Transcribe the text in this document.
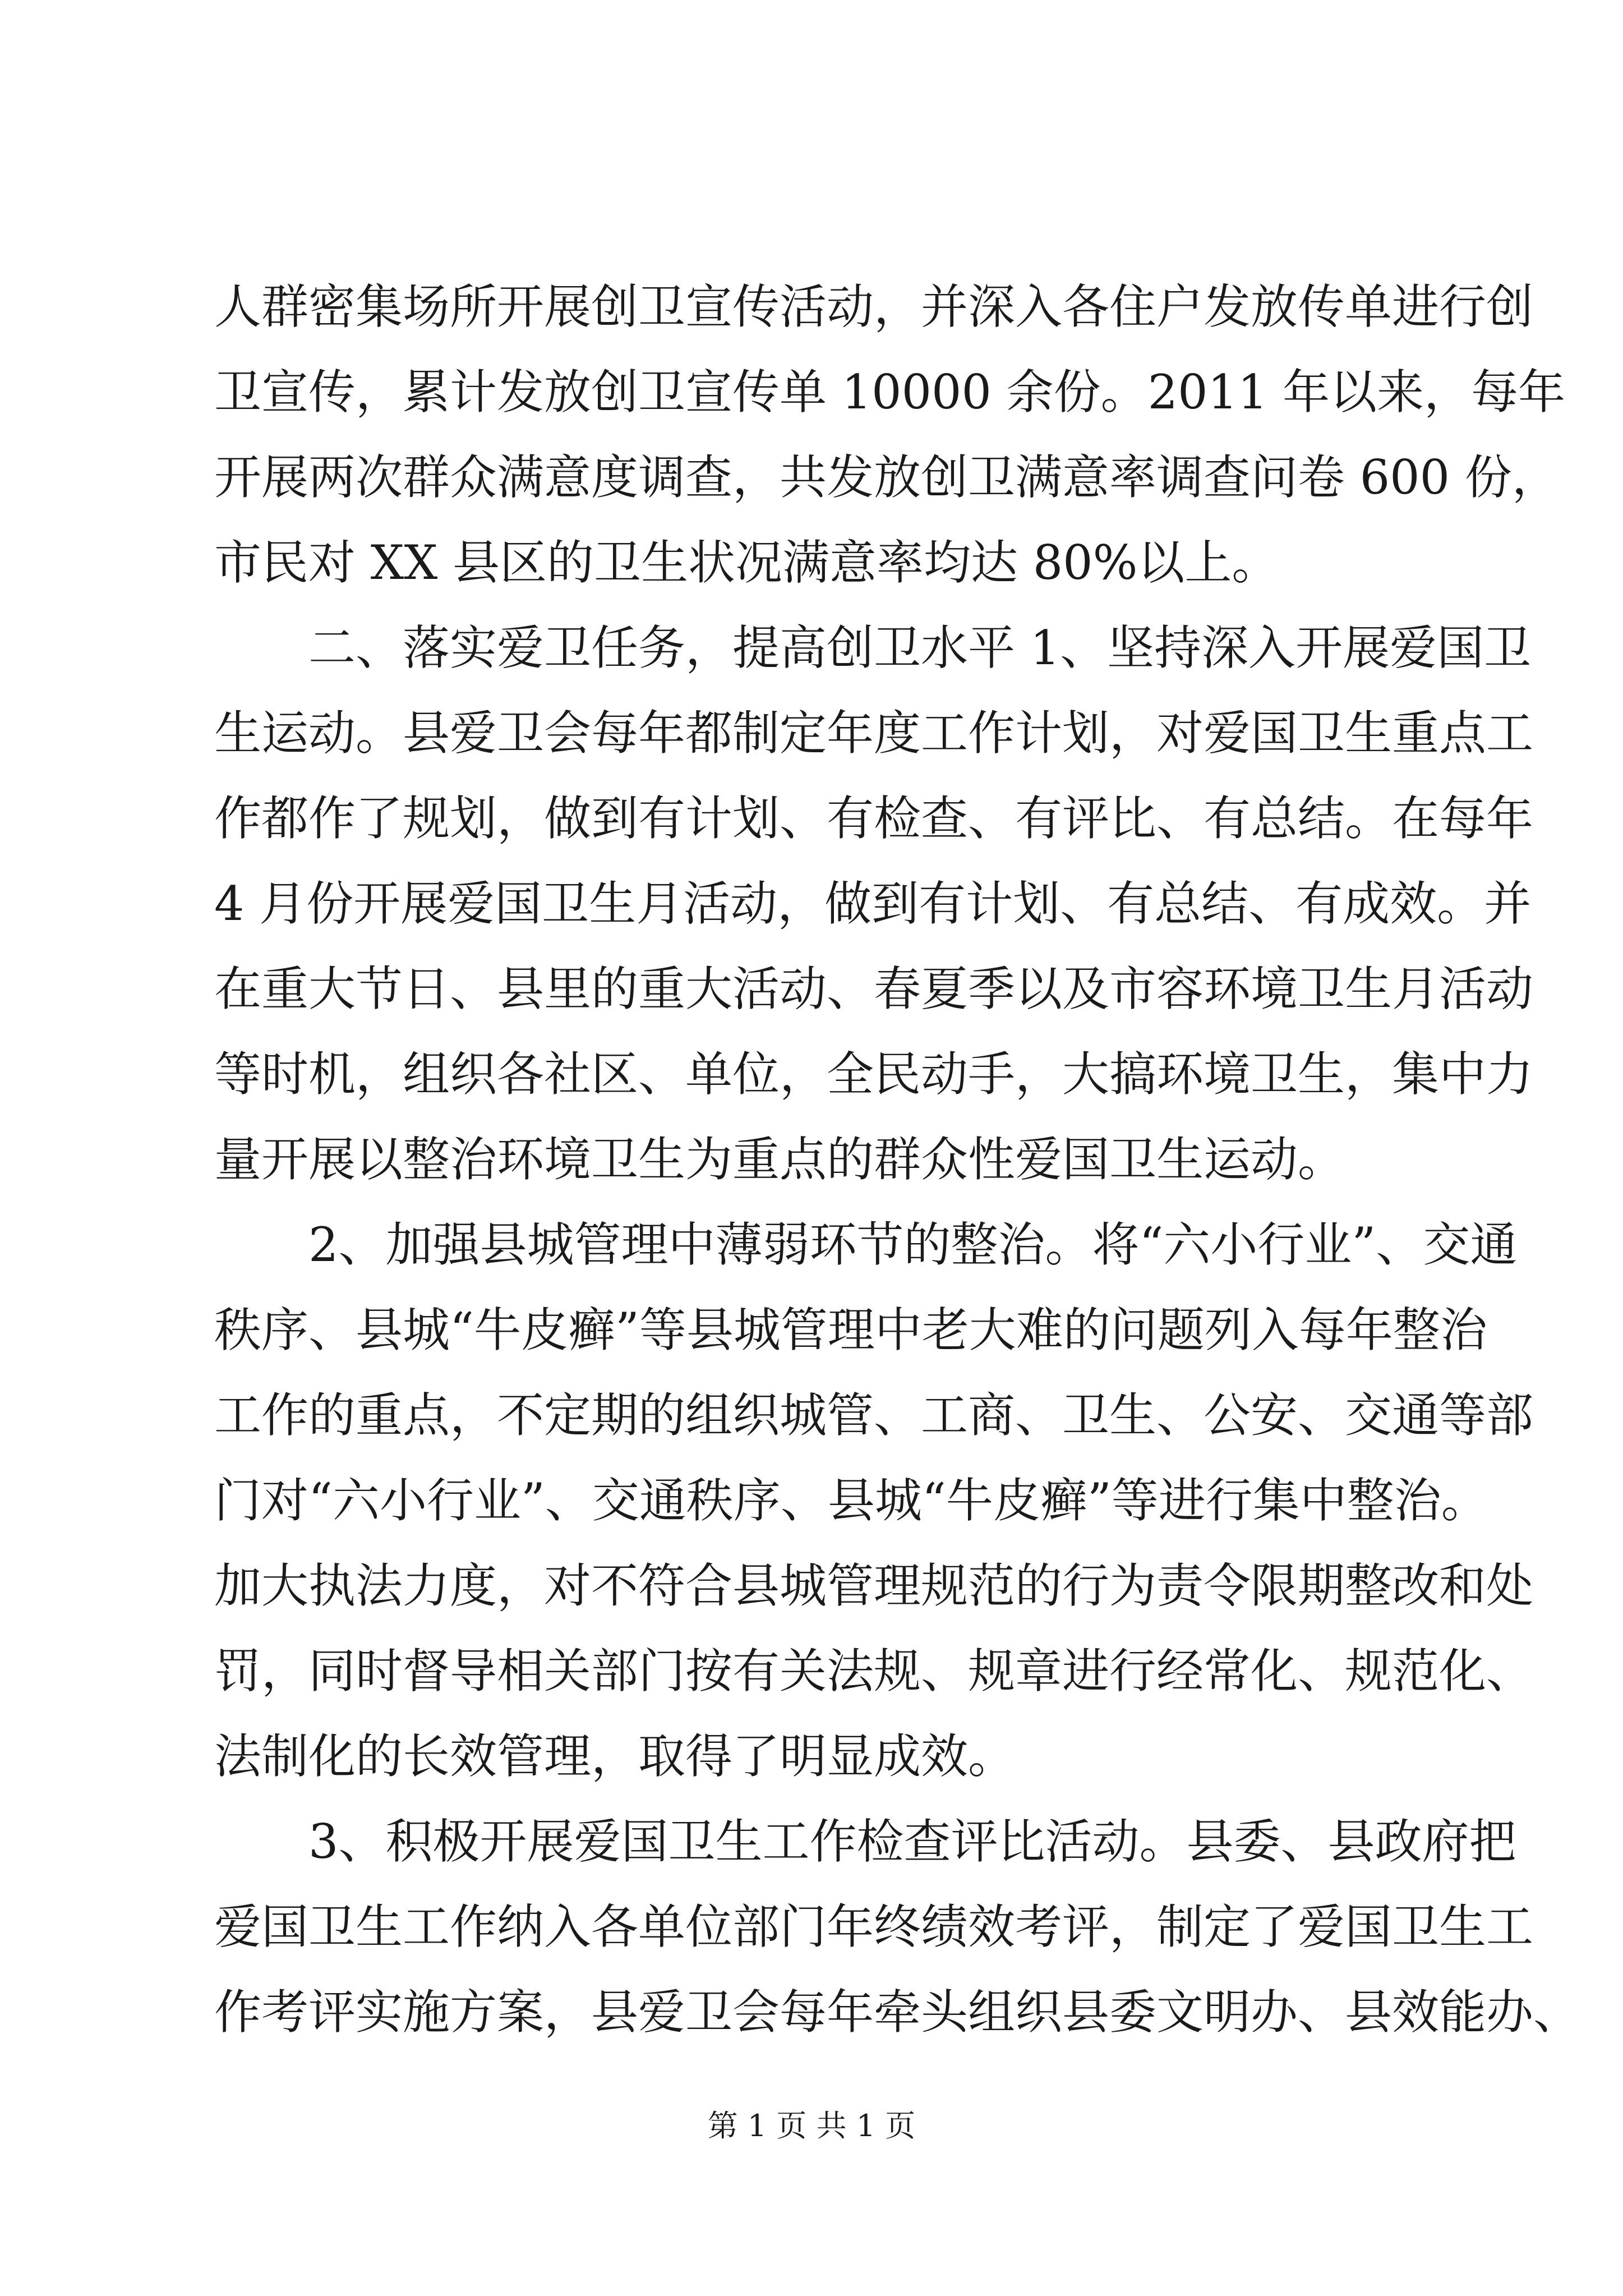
人群密集场所开展创卫宣传活动，并深入各住户发放传单进行创
卫宣传，累计发放创卫宣传单 10000 余份。2011 年以来，每年
开展两次群众满意度调查，共发放创卫满意率调查问卷 600 份，
市民对 XX 县区的卫生状况满意率均达 80%以上。
二、落实爱卫任务，提高创卫水平 1、坚持深入开展爱国卫
生运动。县爱卫会每年都制定年度工作计划，对爱国卫生重点工
作都作了规划，做到有计划、有检查、有评比、有总结。在每年
4 月份开展爱国卫生月活动，做到有计划、有总结、有成效。并
在重大节日、县里的重大活动、春夏季以及市容环境卫生月活动
等时机，组织各社区、单位，全民动手，大搞环境卫生，集中力
量开展以整治环境卫生为重点的群众性爱国卫生运动。
2、加强县城管理中薄弱环节的整治。将“六小行业”、交通
秩序、县城“牛皮癣”等县城管理中老大难的问题列入每年整治
工作的重点，不定期的组织城管、工商、卫生、公安、交通等部
门对“六小行业”、交通秩序、县城“牛皮癣”等进行集中整治。
加大执法力度，对不符合县城管理规范的行为责令限期整改和处
罚，同时督导相关部门按有关法规、规章进行经常化、规范化、
法制化的长效管理，取得了明显成效。
3、积极开展爱国卫生工作检查评比活动。县委、县政府把
爱国卫生工作纳入各单位部门年终绩效考评，制定了爱国卫生工
作考评实施方案，县爱卫会每年牵头组织县委文明办、县效能办、
第 1 页 共 1 页
